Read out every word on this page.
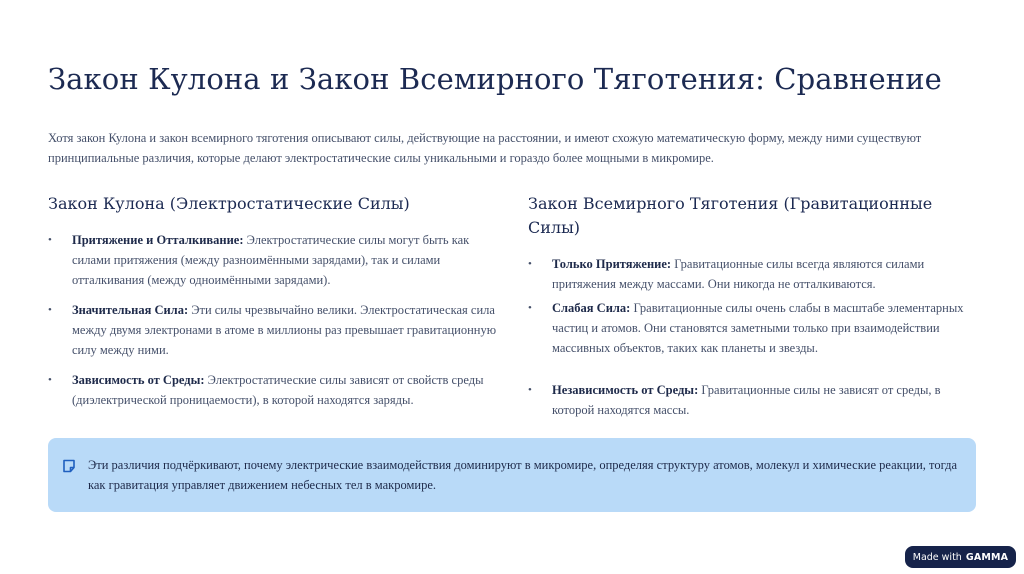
Закон Кулона и Закон Всемирного Тяготения: Сравнение

Хотя закон Кулона и закон всемирного тяготения описывают силы, действующие на расстоянии, и имеют схожую математическую форму, между ними существуют принципиальные различия, которые делают электростатические силы уникальными и гораздо более мощными в микромире.

Закон Кулона (Электростатические Силы)
• Притяжение и Отталкивание: Электростатические силы могут быть как силами притяжения (между разноимёнными зарядами), так и силами отталкивания (между одноимёнными зарядами).
• Значительная Сила: Эти силы чрезвычайно велики. Электростатическая сила между двумя электронами в атоме в миллионы раз превышает гравитационную силу между ними.
• Зависимость от Среды: Электростатические силы зависят от свойств среды (диэлектрической проницаемости), в которой находятся заряды.
Закон Всемирного Тяготения (Гравитационные Силы)
• Только Притяжение: Гравитационные силы всегда являются силами притяжения между массами. Они никогда не отталкиваются.
• Слабая Сила: Гравитационные силы очень слабы в масштабе элементарных частиц и атомов. Они становятся заметными только при взаимодействии массивных объектов, таких как планеты и звезды.
• Независимость от Среды: Гравитационные силы не зависят от среды, в которой находятся массы.

Эти различия подчёркивают, почему электрические взаимодействия доминируют в микромире, определяя структуру атомов, молекул и химические реакции, тогда как гравитация управляет движением небесных тел в макромире.

Made with GAMMA
